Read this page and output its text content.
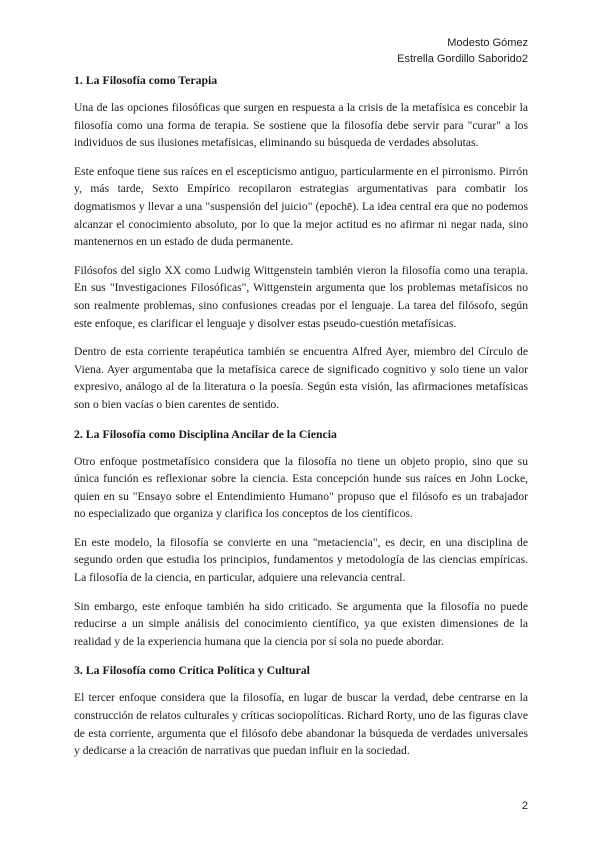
Modesto Gómez
Estrella Gordillo Saborido2
1. La Filosofía como Terapia

Una de las opciones filosóficas que surgen en respuesta a la crisis de la metafísica es concebir la filosofía como una forma de terapia. Se sostiene que la filosofía debe servir para "curar" a los individuos de sus ilusiones metafísicas, eliminando su búsqueda de verdades absolutas.

Este enfoque tiene sus raíces en el escepticismo antiguo, particularmente en el pirronismo. Pirrón y, más tarde, Sexto Empírico recopilaron estrategias argumentativas para combatir los dogmatismos y llevar a una "suspensión del juicio" (epochē). La idea central era que no podemos alcanzar el conocimiento absoluto, por lo que la mejor actitud es no afirmar ni negar nada, sino mantenernos en un estado de duda permanente.

Filósofos del siglo XX como Ludwig Wittgenstein también vieron la filosofía como una terapia. En sus "Investigaciones Filosóficas", Wittgenstein argumenta que los problemas metafísicos no son realmente problemas, sino confusiones creadas por el lenguaje. La tarea del filósofo, según este enfoque, es clarificar el lenguaje y disolver estas pseudo-cuestión metafísicas.

Dentro de esta corriente terapéutica también se encuentra Alfred Ayer, miembro del Círculo de Viena. Ayer argumentaba que la metafísica carece de significado cognitivo y solo tiene un valor expresivo, análogo al de la literatura o la poesía. Según esta visión, las afirmaciones metafísicas son o bien vacías o bien carentes de sentido.

2. La Filosofía como Disciplina Ancilar de la Ciencia

Otro enfoque postmetafísico considera que la filosofía no tiene un objeto propio, sino que su única función es reflexionar sobre la ciencia. Esta concepción hunde sus raíces en John Locke, quien en su "Ensayo sobre el Entendimiento Humano" propuso que el filósofo es un trabajador no especializado que organiza y clarifica los conceptos de los científicos.

En este modelo, la filosofía se convierte en una "metaciencia", es decir, en una disciplina de segundo orden que estudia los principios, fundamentos y metodología de las ciencias empíricas. La filosofía de la ciencia, en particular, adquiere una relevancia central.

Sin embargo, este enfoque también ha sido criticado. Se argumenta que la filosofía no puede reducirse a un simple análisis del conocimiento científico, ya que existen dimensiones de la realidad y de la experiencia humana que la ciencia por sí sola no puede abordar.

3. La Filosofía como Crítica Política y Cultural

El tercer enfoque considera que la filosofía, en lugar de buscar la verdad, debe centrarse en la construcción de relatos culturales y críticas sociopolíticas. Richard Rorty, uno de las figuras clave de esta corriente, argumenta que el filósofo debe abandonar la búsqueda de verdades universales y dedicarse a la creación de narrativas que puedan influir en la sociedad.

2
